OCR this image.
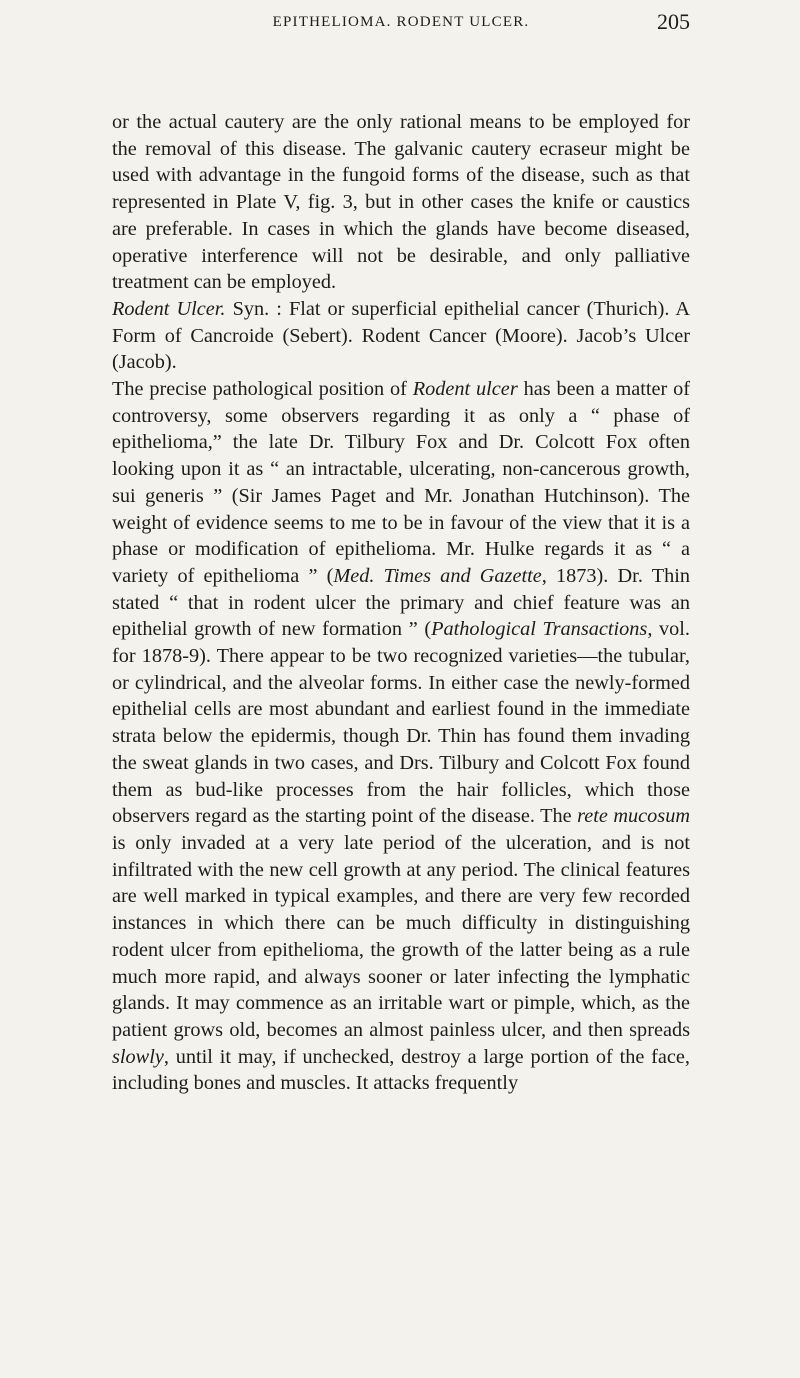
EPITHELIOMA. RODENT ULCER.	205

or the actual cautery are the only rational means to be employed for the removal of this disease. The galvanic cautery ecraseur might be used with advantage in the fungoid forms of the disease, such as that represented in Plate V, fig. 3, but in other cases the knife or caustics are preferable. In cases in which the glands have become diseased, operative interference will not be desirable, and only palliative treatment can be employed.

Rodent Ulcer. Syn. : Flat or superficial epithelial cancer (Thurich). A Form of Cancroide (Sebert). Rodent Cancer (Moore). Jacob’s Ulcer (Jacob).

The precise pathological position of Rodent ulcer has been a matter of controversy, some observers regarding it as only a “ phase of epithelioma,” the late Dr. Tilbury Fox and Dr. Colcott Fox often looking upon it as “ an intractable, ulcerating, non-cancerous growth, sui generis ” (Sir James Paget and Mr. Jonathan Hutchinson). The weight of evidence seems to me to be in favour of the view that it is a phase or modification of epithelioma. Mr. Hulke regards it as “ a variety of epithelioma ” (Med. Times and Gazette, 1873). Dr. Thin stated “ that in rodent ulcer the primary and chief feature was an epithelial growth of new formation ” (Pathological Transactions, vol. for 1878-9). There appear to be two recognized varieties—the tubular, or cylindrical, and the alveolar forms. In either case the newly-formed epithelial cells are most abundant and earliest found in the immediate strata below the epidermis, though Dr. Thin has found them invading the sweat glands in two cases, and Drs. Tilbury and Colcott Fox found them as bud-like processes from the hair follicles, which those observers regard as the starting point of the disease. The rete mucosum is only invaded at a very late period of the ulceration, and is not infiltrated with the new cell growth at any period. The clinical features are well marked in typical examples, and there are very few recorded instances in which there can be much difficulty in distinguishing rodent ulcer from epithelioma, the growth of the latter being as a rule much more rapid, and always sooner or later infecting the lymphatic glands. It may commence as an irritable wart or pimple, which, as the patient grows old, becomes an almost painless ulcer, and then spreads slowly, until it may, if unchecked, destroy a large portion of the face, including bones and muscles. It attacks frequently
